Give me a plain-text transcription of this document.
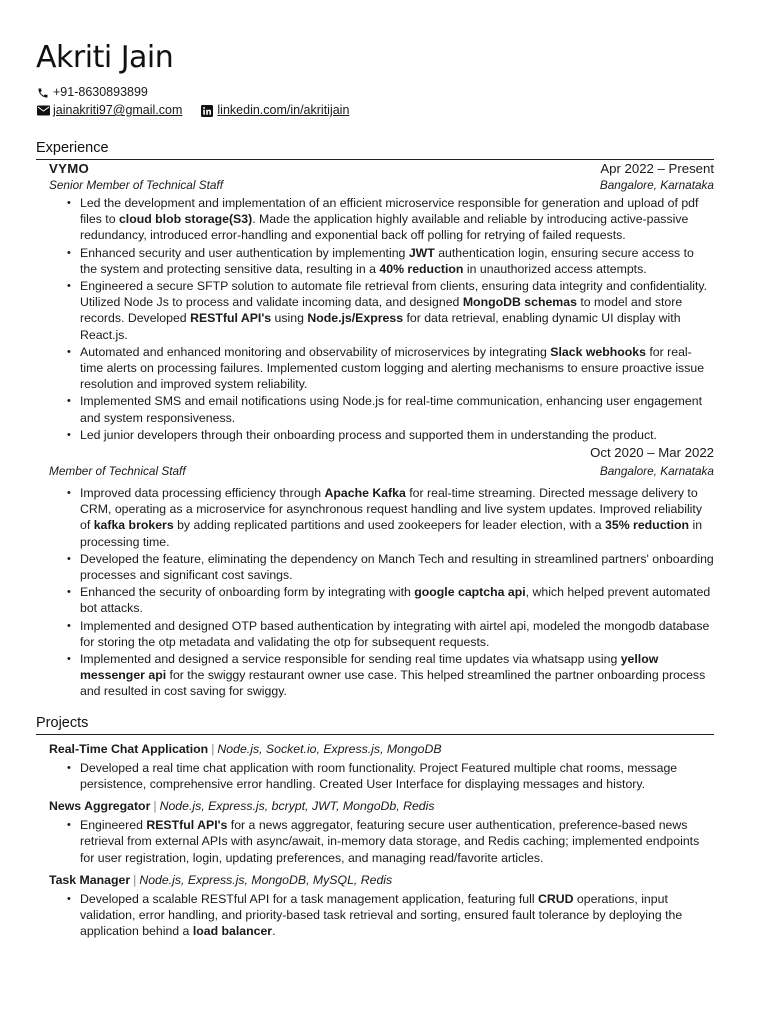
Akriti Jain
+91-8630893899
jainakriti97@gmail.com	linkedin.com/in/akritijain
Experience
VYMO	Apr 2022 – Present
Senior Member of Technical Staff	Bangalore, Karnataka
• Led the development and implementation of an efficient microservice responsible for generation and upload of pdf files to cloud blob storage(S3). Made the application highly available and reliable by introducing active-passive redundancy, introduced error-handling and exponential back off polling for retrying of failed requests.
• Enhanced security and user authentication by implementing JWT authentication login, ensuring secure access to the system and protecting sensitive data, resulting in a 40% reduction in unauthorized access attempts.
• Engineered a secure SFTP solution to automate file retrieval from clients, ensuring data integrity and confidentiality. Utilized Node Js to process and validate incoming data, and designed MongoDB schemas to model and store records. Developed RESTful API's using Node.js/Express for data retrieval, enabling dynamic UI display with React.js.
• Automated and enhanced monitoring and observability of microservices by integrating Slack webhooks for real-time alerts on processing failures. Implemented custom logging and alerting mechanisms to ensure proactive issue resolution and improved system reliability.
• Implemented SMS and email notifications using Node.js for real-time communication, enhancing user engagement and system responsiveness.
• Led junior developers through their onboarding process and supported them in understanding the product.
Oct 2020 – Mar 2022
Member of Technical Staff	Bangalore, Karnataka
• Improved data processing efficiency through Apache Kafka for real-time streaming. Directed message delivery to CRM, operating as a microservice for asynchronous request handling and live system updates. Improved reliability of kafka brokers by adding replicated partitions and used zookeepers for leader election, with a 35% reduction in processing time.
• Developed the feature, eliminating the dependency on Manch Tech and resulting in streamlined partners' onboarding processes and significant cost savings.
• Enhanced the security of onboarding form by integrating with google captcha api, which helped prevent automated bot attacks.
• Implemented and designed OTP based authentication by integrating with airtel api, modeled the mongodb database for storing the otp metadata and validating the otp for subsequent requests.
• Implemented and designed a service responsible for sending real time updates via whatsapp using yellow messenger api for the swiggy restaurant owner use case. This helped streamlined the partner onboarding process and resulted in cost saving for swiggy.
Projects
Real-Time Chat Application | Node.js, Socket.io, Express.js, MongoDB
• Developed a real time chat application with room functionality. Project Featured multiple chat rooms, message persistence, comprehensive error handling. Created User Interface for displaying messages and history.
News Aggregator | Node.js, Express.js, bcrypt, JWT, MongoDb, Redis
• Engineered RESTful API's for a news aggregator, featuring secure user authentication, preference-based news retrieval from external APIs with async/await, in-memory data storage, and Redis caching; implemented endpoints for user registration, login, updating preferences, and managing read/favorite articles.
Task Manager | Node.js, Express.js, MongoDB, MySQL, Redis
• Developed a scalable RESTful API for a task management application, featuring full CRUD operations, input validation, error handling, and priority-based task retrieval and sorting, ensured fault tolerance by deploying the application behind a load balancer.
